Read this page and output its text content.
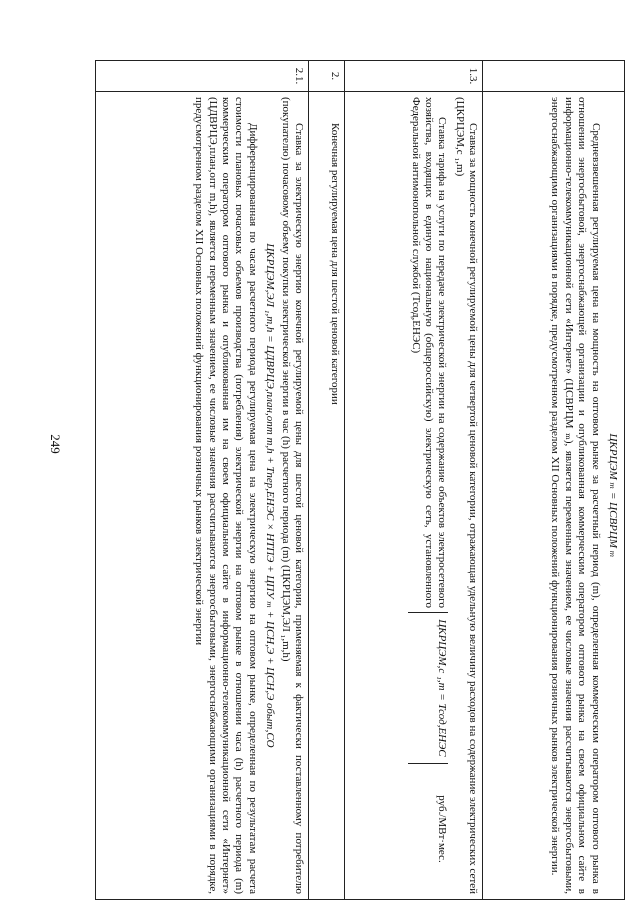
249

	ЦКРЦЭМ ₘ = ЦСВРЦМ ₘ

Средневзвешенная регулируемая цена на мощность на оптовом рынке за расчетный период (m), определенная коммерческим оператором оптового рынка в отношении энергосбытовой, энергоснабжающей организации и опубликованная коммерческим оператором оптового рынка на своем официальном сайте в информационно-телекоммуникационной сети «Интернет» (ЦСВРЦМ ₘ), является переменным значением, ее числовые значения рассчитываются энергосбытовыми, энергоснабжающими организациями в порядке, предусмотренном разделом XII Основных положений функционирования розничных рынков электрической энергии.

1.3.	Ставка за мощность конечной регулируемой цены для четвертой ценовой категории, отражающая удельную величину расходов на содержание электрических сетей (ЦКРЦЭМ,с ₁,m)

Ставка тарифа на услуги по передаче электрической энергии на содержание объектов электросетевого хозяйства, входящих в единую национальную (общероссийскую) электрическую сеть, установленного Федеральной антимонопольной службой (Тсод,ЕНЭС)
ЦКРЦЭМ,с ₁,m = Тсод,ЕНЭС
руб./МВт·мес.

2.	Конечная регулируемая цена для шестой ценовой категории

2.1.	Ставка за электрическую энергию конечной регулируемой цены для шестой ценовой категории, применяемая к фактически поставленному потребителю (покупателю) почасовому объему покупки электрической энергии в час (h) расчетного периода (m) (ЦКРЦЭМ,ЭЛ ₁,m,h)

ЦКРЦЭМ,ЭЛ ₁,m,h = ЦДВРЦЭ,план,опт m,h + Тпер,ЕНЭС × НТПЭ + ЦПУ ₘ + ЦСН,Э + ЦСН,Э обыт,СО

Дифференцированная по часам расчетного периода регулируемая цена на электрическую энергию на оптовом рынке, определенная по результатам расчета стоимости плановых почасовых объемов производства (потребления) электрической энергии на оптовом рынке в отношении часа (h) расчетного периода (m) коммерческим оператором оптового рынка и опубликованная им на своем официальном сайте в информационно-телекоммуникационной сети «Интернет» (ЦДВРЦЭ,план,опт m,h), является переменным значением, ее числовые значения рассчитываются энергосбытовыми, энергоснабжающими организациями в порядке, предусмотренном разделом XII Основных положений функционирования розничных рынков электрической энергии
